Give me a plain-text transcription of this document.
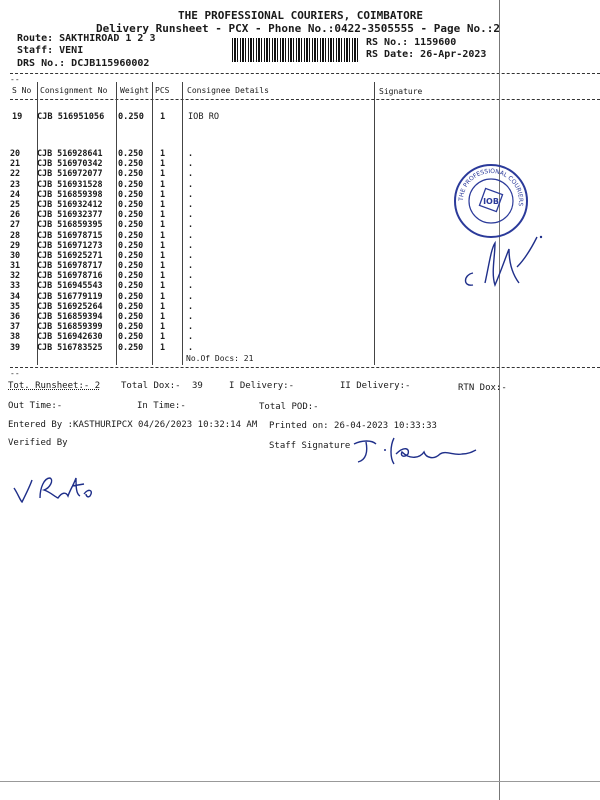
THE PROFESSIONAL COURIERS, COIMBATORE
Delivery Runsheet - PCX - Phone No.:0422-3505555 - Page No.:2
Route: SAKTHIROAD 1 2 3
Staff: VENI
DRS No.: DCJB115960002
RS No.: 1159600
RS Date: 26-Apr-2023
--
S No Consignment No Weight PCS Consignee Details	Signature
19 CJB 516951056 0.250 1	IOB RO
20 CJB 516928641 0.250 1	.
21 CJB 516970342 0.250 1	.
22 CJB 516972077 0.250 1	.
23 CJB 516931528 0.250 1	.
24 CJB 516859398 0.250 1	.
25 CJB 516932412 0.250 1	.
26 CJB 516932377 0.250 1	.
27 CJB 516859395 0.250 1	.
28 CJB 516978715 0.250 1	.
29 CJB 516971273 0.250 1	.
30 CJB 516925271 0.250 1	.
31 CJB 516978717 0.250 1	.
32 CJB 516978716 0.250 1	.
33 CJB 516945543 0.250 1	.
34 CJB 516779119 0.250 1	.
35 CJB 516925264 0.250 1	.
36 CJB 516859394 0.250 1	.
37 CJB 516859399 0.250 1	.
38 CJB 516942630 0.250 1	.
39 CJB 516783525 0.250 1	.
No.Of Docs: 21
--
Tot. Runsheet:- 2 Total Dox:- 39	I Delivery:-	II Delivery:-	RTN Dox:-
Out Time:-	In Time:-	Total POD:-
Entered By :KASTHURIPCX 04/26/2023 10:32:14 AM Printed on: 26-04-2023 10:33:33
Verified By	Staff Signature
THE PROFESSIONAL COURIERS
IOB
